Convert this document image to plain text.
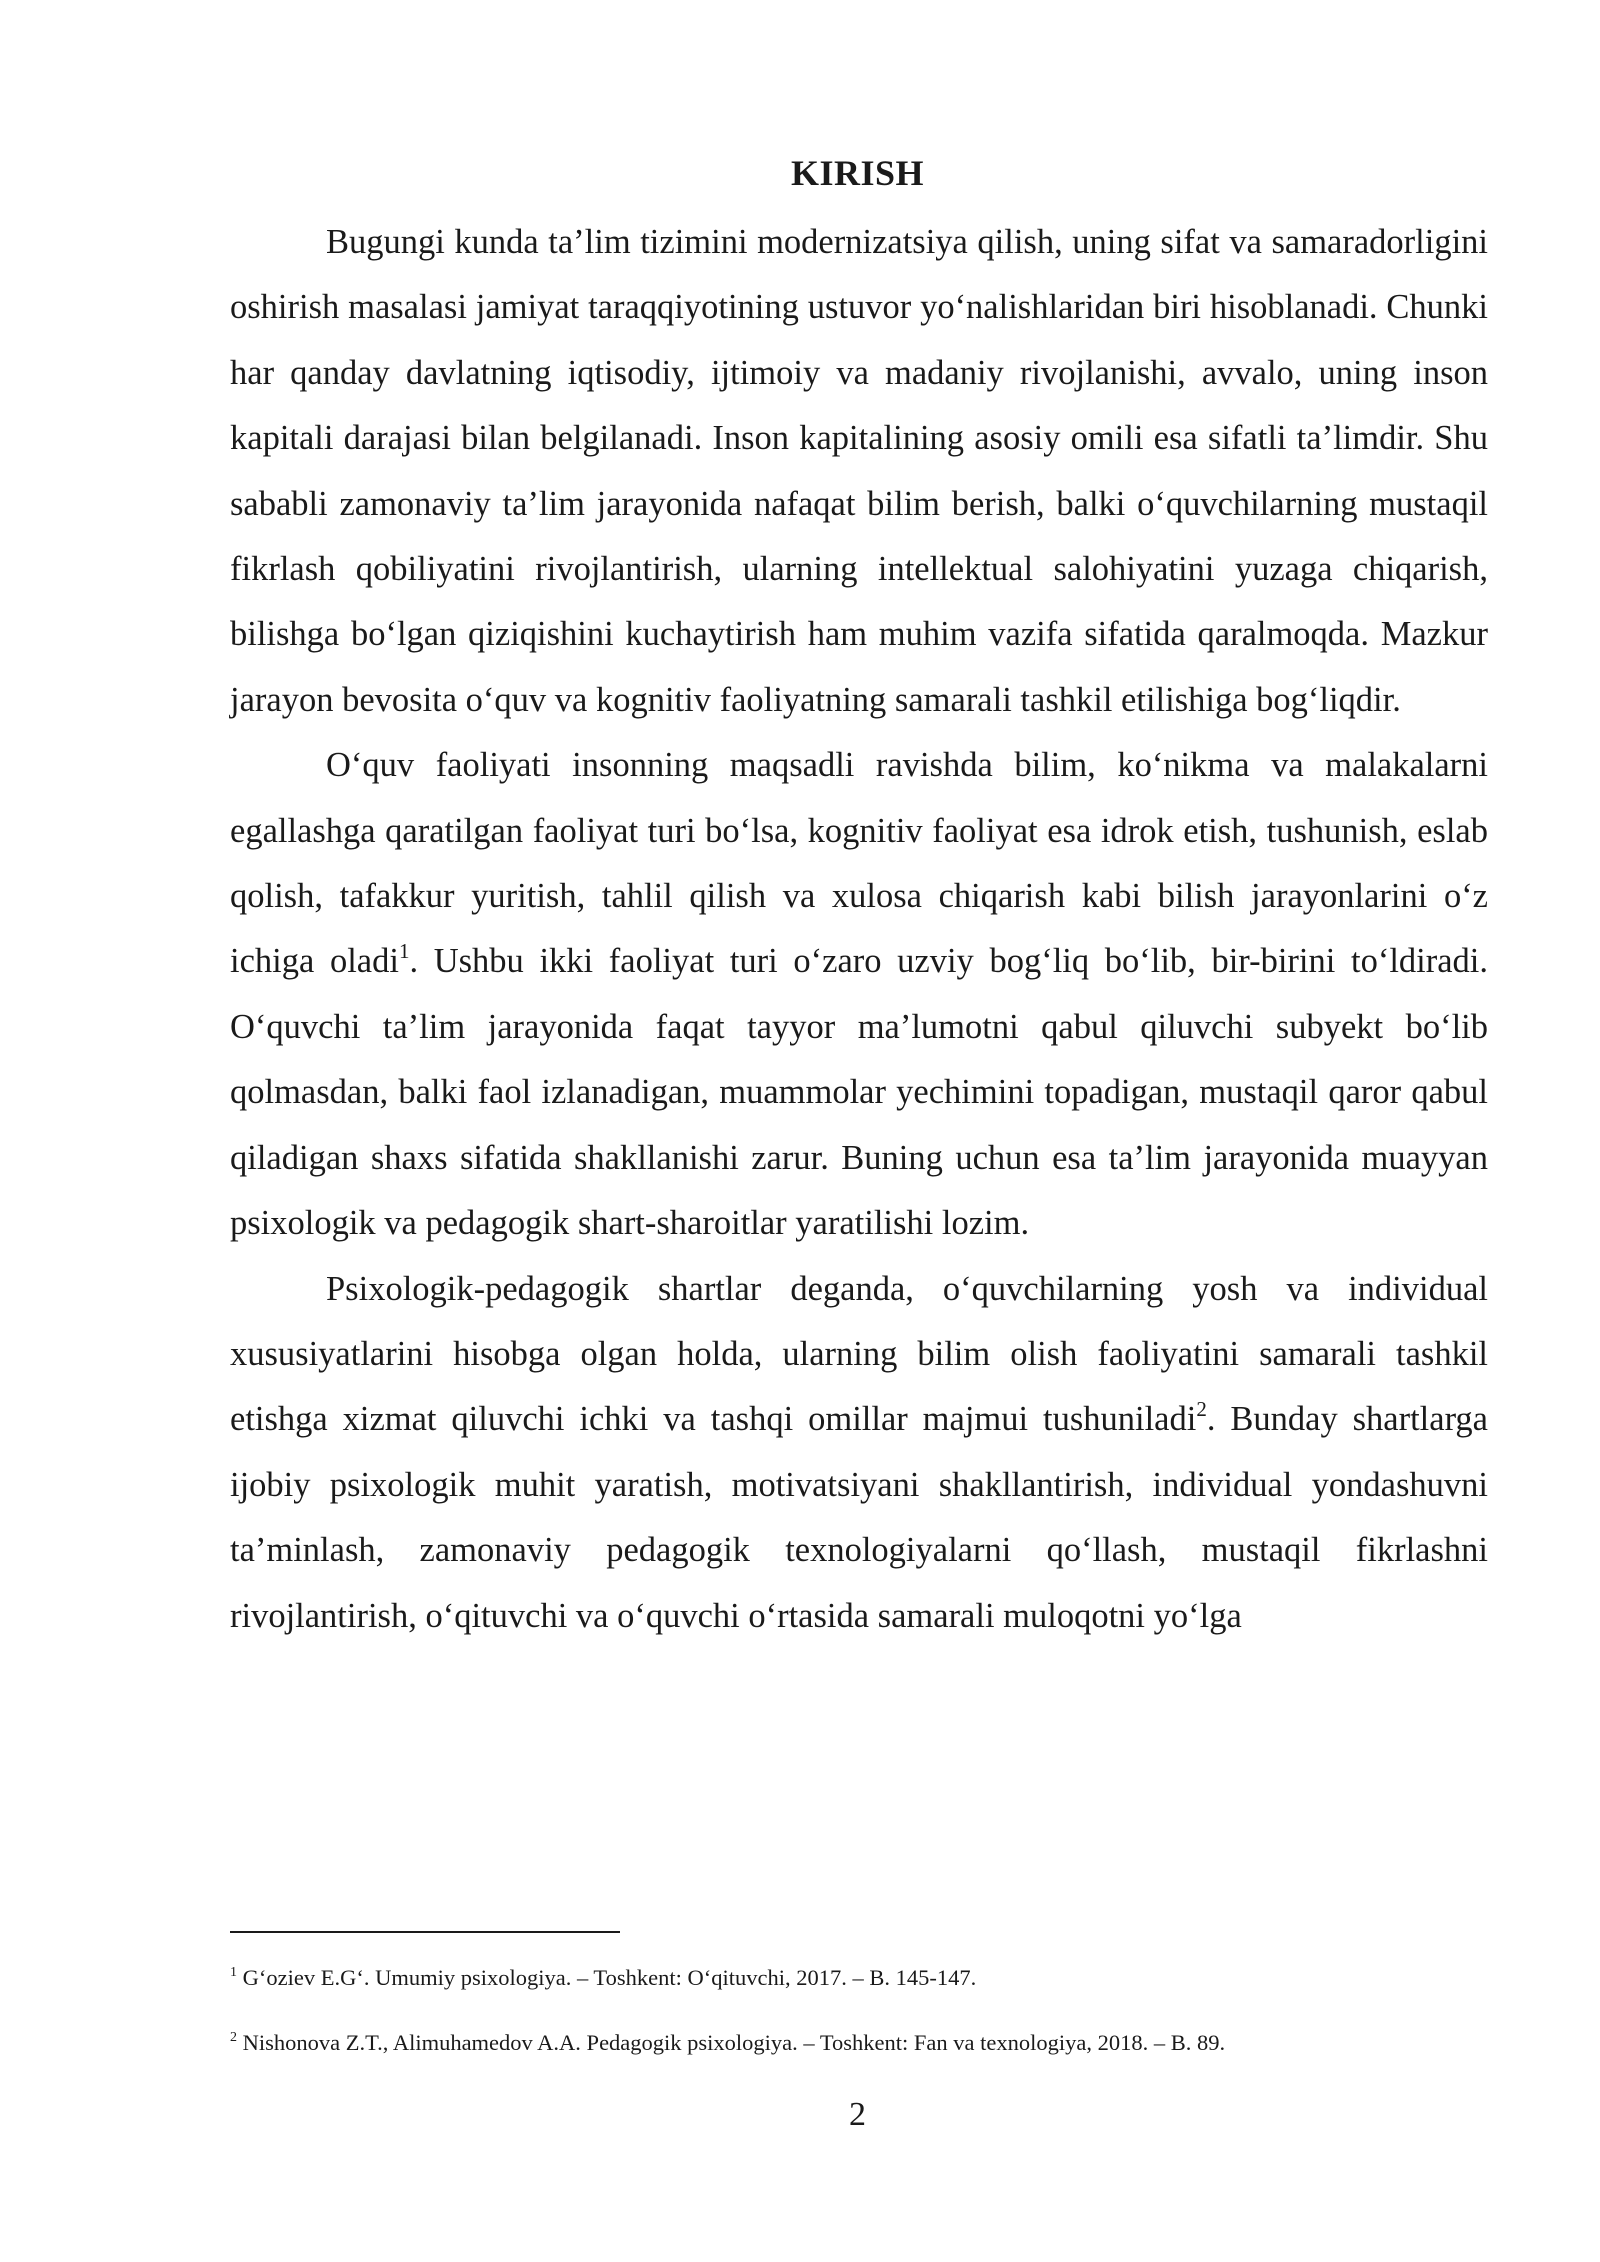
KIRISH

Bugungi kunda ta’lim tizimini modernizatsiya qilish, uning sifat va samaradorligini oshirish masalasi jamiyat taraqqiyotining ustuvor yo‘nalishlaridan biri hisoblanadi. Chunki har qanday davlatning iqtisodiy, ijtimoiy va madaniy rivojlanishi, avvalo, uning inson kapitali darajasi bilan belgilanadi. Inson kapitalining asosiy omili esa sifatli ta’limdir. Shu sababli zamonaviy ta’lim jarayonida nafaqat bilim berish, balki o‘quvchilarning mustaqil fikrlash qobiliyatini rivojlantirish, ularning intellektual salohiyatini yuzaga chiqarish, bilishga bo‘lgan qiziqishini kuchaytirish ham muhim vazifa sifatida qaralmoqda. Mazkur jarayon bevosita o‘quv va kognitiv faoliyatning samarali tashkil etilishiga bog‘liqdir.

O‘quv faoliyati insonning maqsadli ravishda bilim, ko‘nikma va malakalarni egallashga qaratilgan faoliyat turi bo‘lsa, kognitiv faoliyat esa idrok etish, tushunish, eslab qolish, tafakkur yuritish, tahlil qilish va xulosa chiqarish kabi bilish jarayonlarini o‘z ichiga oladi$^1$. Ushbu ikki faoliyat turi o‘zaro uzviy bog‘liq bo‘lib, bir-birini to‘ldiradi. O‘quvchi ta’lim jarayonida faqat tayyor ma’lumotni qabul qiluvchi subyekt bo‘lib qolmasdan, balki faol izlanadigan, muammolar yechimini topadigan, mustaqil qaror qabul qiladigan shaxs sifatida shakllanishi zarur. Buning uchun esa ta’lim jarayonida muayyan psixologik va pedagogik shart-sharoitlar yaratilishi lozim.

Psixologik-pedagogik shartlar deganda, o‘quvchilarning yosh va individual xususiyatlarini hisobga olgan holda, ularning bilim olish faoliyatini samarali tashkil etishga xizmat qiluvchi ichki va tashqi omillar majmui tushuniladi$^2$. Bunday shartlarga ijobiy psixologik muhit yaratish, motivatsiyani shakllantirish, individual yondashuvni ta’minlash, zamonaviy pedagogik texnologiyalarni qo‘llash, mustaqil fikrlashni rivojlantirish, o‘qituvchi va o‘quvchi o‘rtasida samarali muloqotni yo‘lga

$^1$ G‘oziev E.G‘. Umumiy psixologiya. – Toshkent: O‘qituvchi, 2017. – B. 145-147.
$^2$ Nishonova Z.T., Alimuhamedov A.A. Pedagogik psixologiya. – Toshkent: Fan va texnologiya, 2018. – B. 89.
2
